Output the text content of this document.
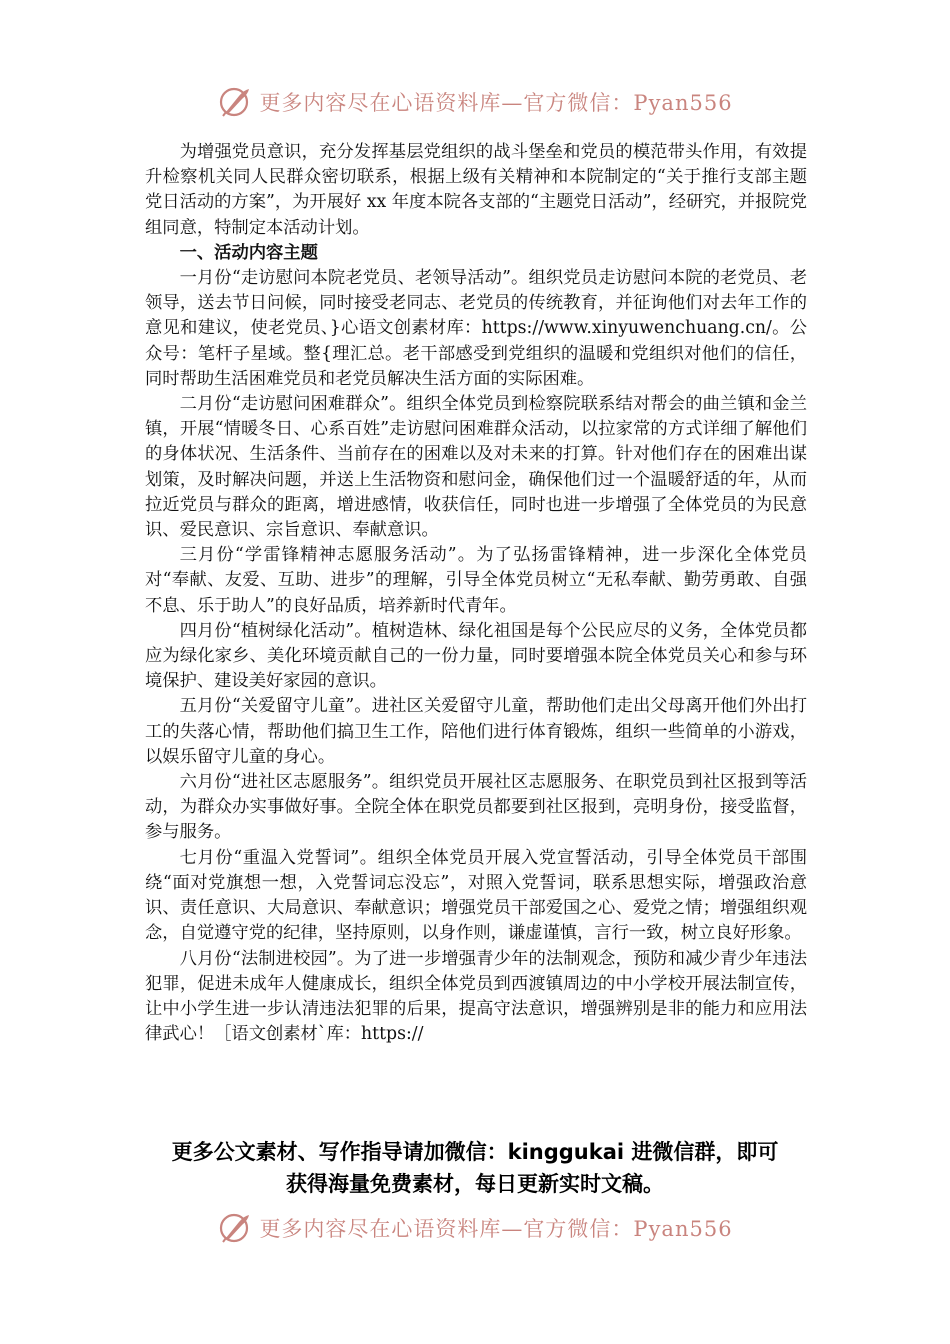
更多内容尽在心语资料库—官方微信：Pyan556

为增强党员意识，充分发挥基层党组织的战斗堡垒和党员的模范带头作用，有效提升检察机关同人民群众密切联系，根据上级有关精神和本院制定的“关于推行支部主题党日活动的方案”，为开展好 xx 年度本院各支部的“主题党日活动”，经研究，并报院党组同意，特制定本活动计划。

一、活动内容主题

一月份“走访慰问本院老党员、老领导活动”。组织党员走访慰问本院的老党员、老领导，送去节日问候，同时接受老同志、老党员的传统教育，并征询他们对去年工作的意见和建议，使老党员、}心语文创素材库：https://www.xinyuwenchuang.cn/。公众号：笔杆子星域。整{理汇总。老干部感受到党组织的温暖和党组织对他们的信任，同时帮助生活困难党员和老党员解决生活方面的实际困难。

二月份“走访慰问困难群众”。组织全体党员到检察院联系结对帮会的曲兰镇和金兰镇，开展“情暖冬日、心系百姓”走访慰问困难群众活动，以拉家常的方式详细了解他们的身体状况、生活条件、当前存在的困难以及对未来的打算。针对他们存在的困难出谋划策，及时解决问题，并送上生活物资和慰问金，确保他们过一个温暖舒适的年，从而拉近党员与群众的距离，增进感情，收获信任，同时也进一步增强了全体党员的为民意识、爱民意识、宗旨意识、奉献意识。

三月份“学雷锋精神志愿服务活动”。为了弘扬雷锋精神，进一步深化全体党员对“奉献、友爱、互助、进步”的理解，引导全体党员树立“无私奉献、勤劳勇敢、自强不息、乐于助人”的良好品质，培养新时代青年。

四月份“植树绿化活动”。植树造林、绿化祖国是每个公民应尽的义务，全体党员都应为绿化家乡、美化环境贡献自己的一份力量，同时要增强本院全体党员关心和参与环境保护、建设美好家园的意识。

五月份“关爱留守儿童”。进社区关爱留守儿童，帮助他们走出父母离开他们外出打工的失落心情，帮助他们搞卫生工作，陪他们进行体育锻炼，组织一些简单的小游戏，以娱乐留守儿童的身心。

六月份“进社区志愿服务”。组织党员开展社区志愿服务、在职党员到社区报到等活动，为群众办实事做好事。全院全体在职党员都要到社区报到，亮明身份，接受监督，参与服务。

七月份“重温入党誓词”。组织全体党员开展入党宣誓活动，引导全体党员干部围绕“面对党旗想一想，入党誓词忘没忘”，对照入党誓词，联系思想实际，增强政治意识、责任意识、大局意识、奉献意识；增强党员干部爱国之心、爱党之情；增强组织观念，自觉遵守党的纪律，坚持原则，以身作则，谦虚谨慎，言行一致，树立良好形象。

八月份“法制进校园”。为了进一步增强青少年的法制观念，预防和减少青少年违法犯罪，促进未成年人健康成长，组织全体党员到西渡镇周边的中小学校开展法制宣传，让中小学生进一步认清违法犯罪的后果，提高守法意识，增强辨别是非的能力和应用法律武心！［语文创素材`库：https://

更多公文素材、写作指导请加微信：kinggukai 进微信群，即可
获得海量免费素材，每日更新实时文稿。
更多内容尽在心语资料库—官方微信：Pyan556
